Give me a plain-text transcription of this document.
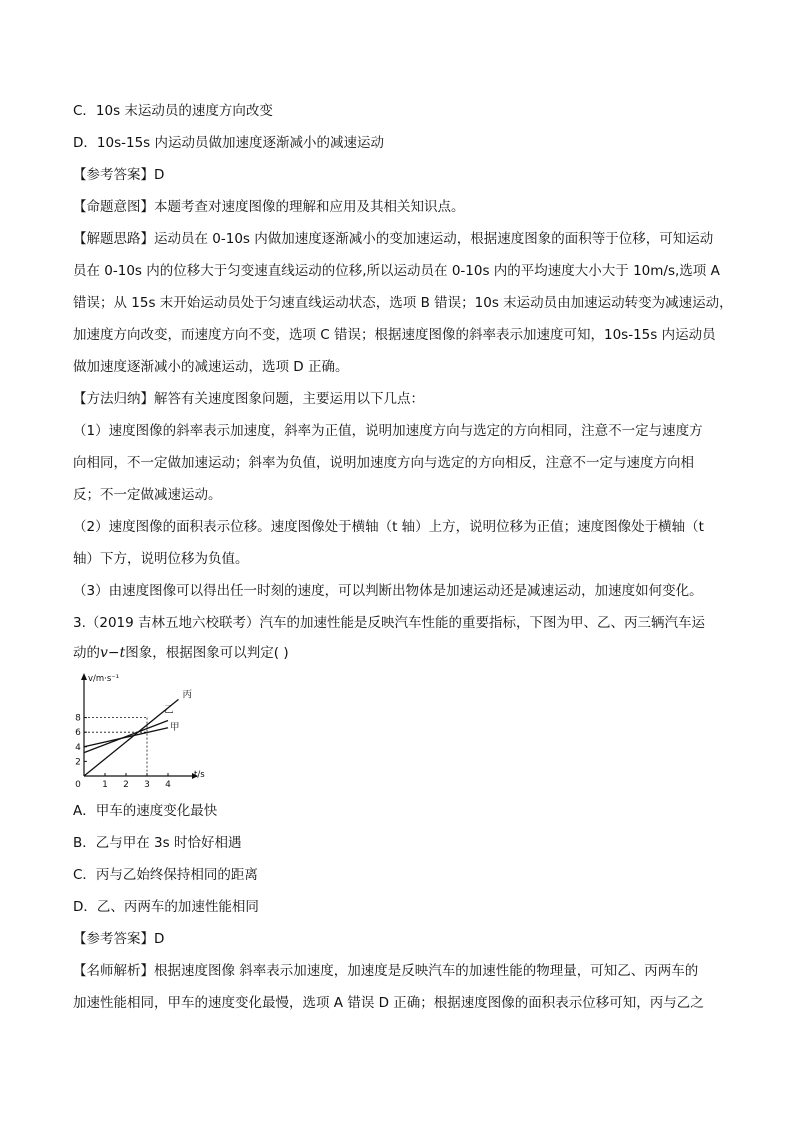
C．10s 末运动员的速度方向改变
D．10s-15s 内运动员做加速度逐渐减小的减速运动
【参考答案】D
【命题意图】本题考查对速度图像的理解和应用及其相关知识点。
【解题思路】运动员在 0-10s 内做加速度逐渐减小的变加速运动，根据速度图象的面积等于位移，可知运动
员在 0-10s 内的位移大于匀变速直线运动的位移,所以运动员在 0-10s 内的平均速度大小大于 10m/s,选项 A
错误；从 15s 末开始运动员处于匀速直线运动状态，选项 B 错误；10s 末运动员由加速运动转变为减速运动，
加速度方向改变，而速度方向不变，选项 C 错误；根据速度图像的斜率表示加速度可知，10s-15s 内运动员
做加速度逐渐减小的减速运动，选项 D 正确。
【方法归纳】解答有关速度图象问题，主要运用以下几点：
（1）速度图像的斜率表示加速度，斜率为正值，说明加速度方向与选定的方向相同，注意不一定与速度方
向相同，不一定做加速运动；斜率为负值，说明加速度方向与选定的方向相反，注意不一定与速度方向相
反；不一定做减速运动。
（2）速度图像的面积表示位移。速度图像处于横轴（t 轴）上方，说明位移为正值；速度图像处于横轴（t
轴）下方，说明位移为负值。
（3）由速度图像可以得出任一时刻的速度，可以判断出物体是加速运动还是减速运动，加速度如何变化。
3.（2019 吉林五地六校联考）汽车的加速性能是反映汽车性能的重要指标，下图为甲、乙、丙三辆汽车运
动的v−t图象，根据图象可以判定( )
v/m·s⁻¹
t/s
0 1 2 3 4
2
4
6
8
丙
乙
甲
A．甲车的速度变化最快
B．乙与甲在 3s 时恰好相遇
C．丙与乙始终保持相同的距离
D．乙、丙两车的加速性能相同
【参考答案】D
【名师解析】根据速度图像 斜率表示加速度，加速度是反映汽车的加速性能的物理量，可知乙、丙两车的
加速性能相同，甲车的速度变化最慢，选项 A 错误 D 正确；根据速度图像的面积表示位移可知，丙与乙之
